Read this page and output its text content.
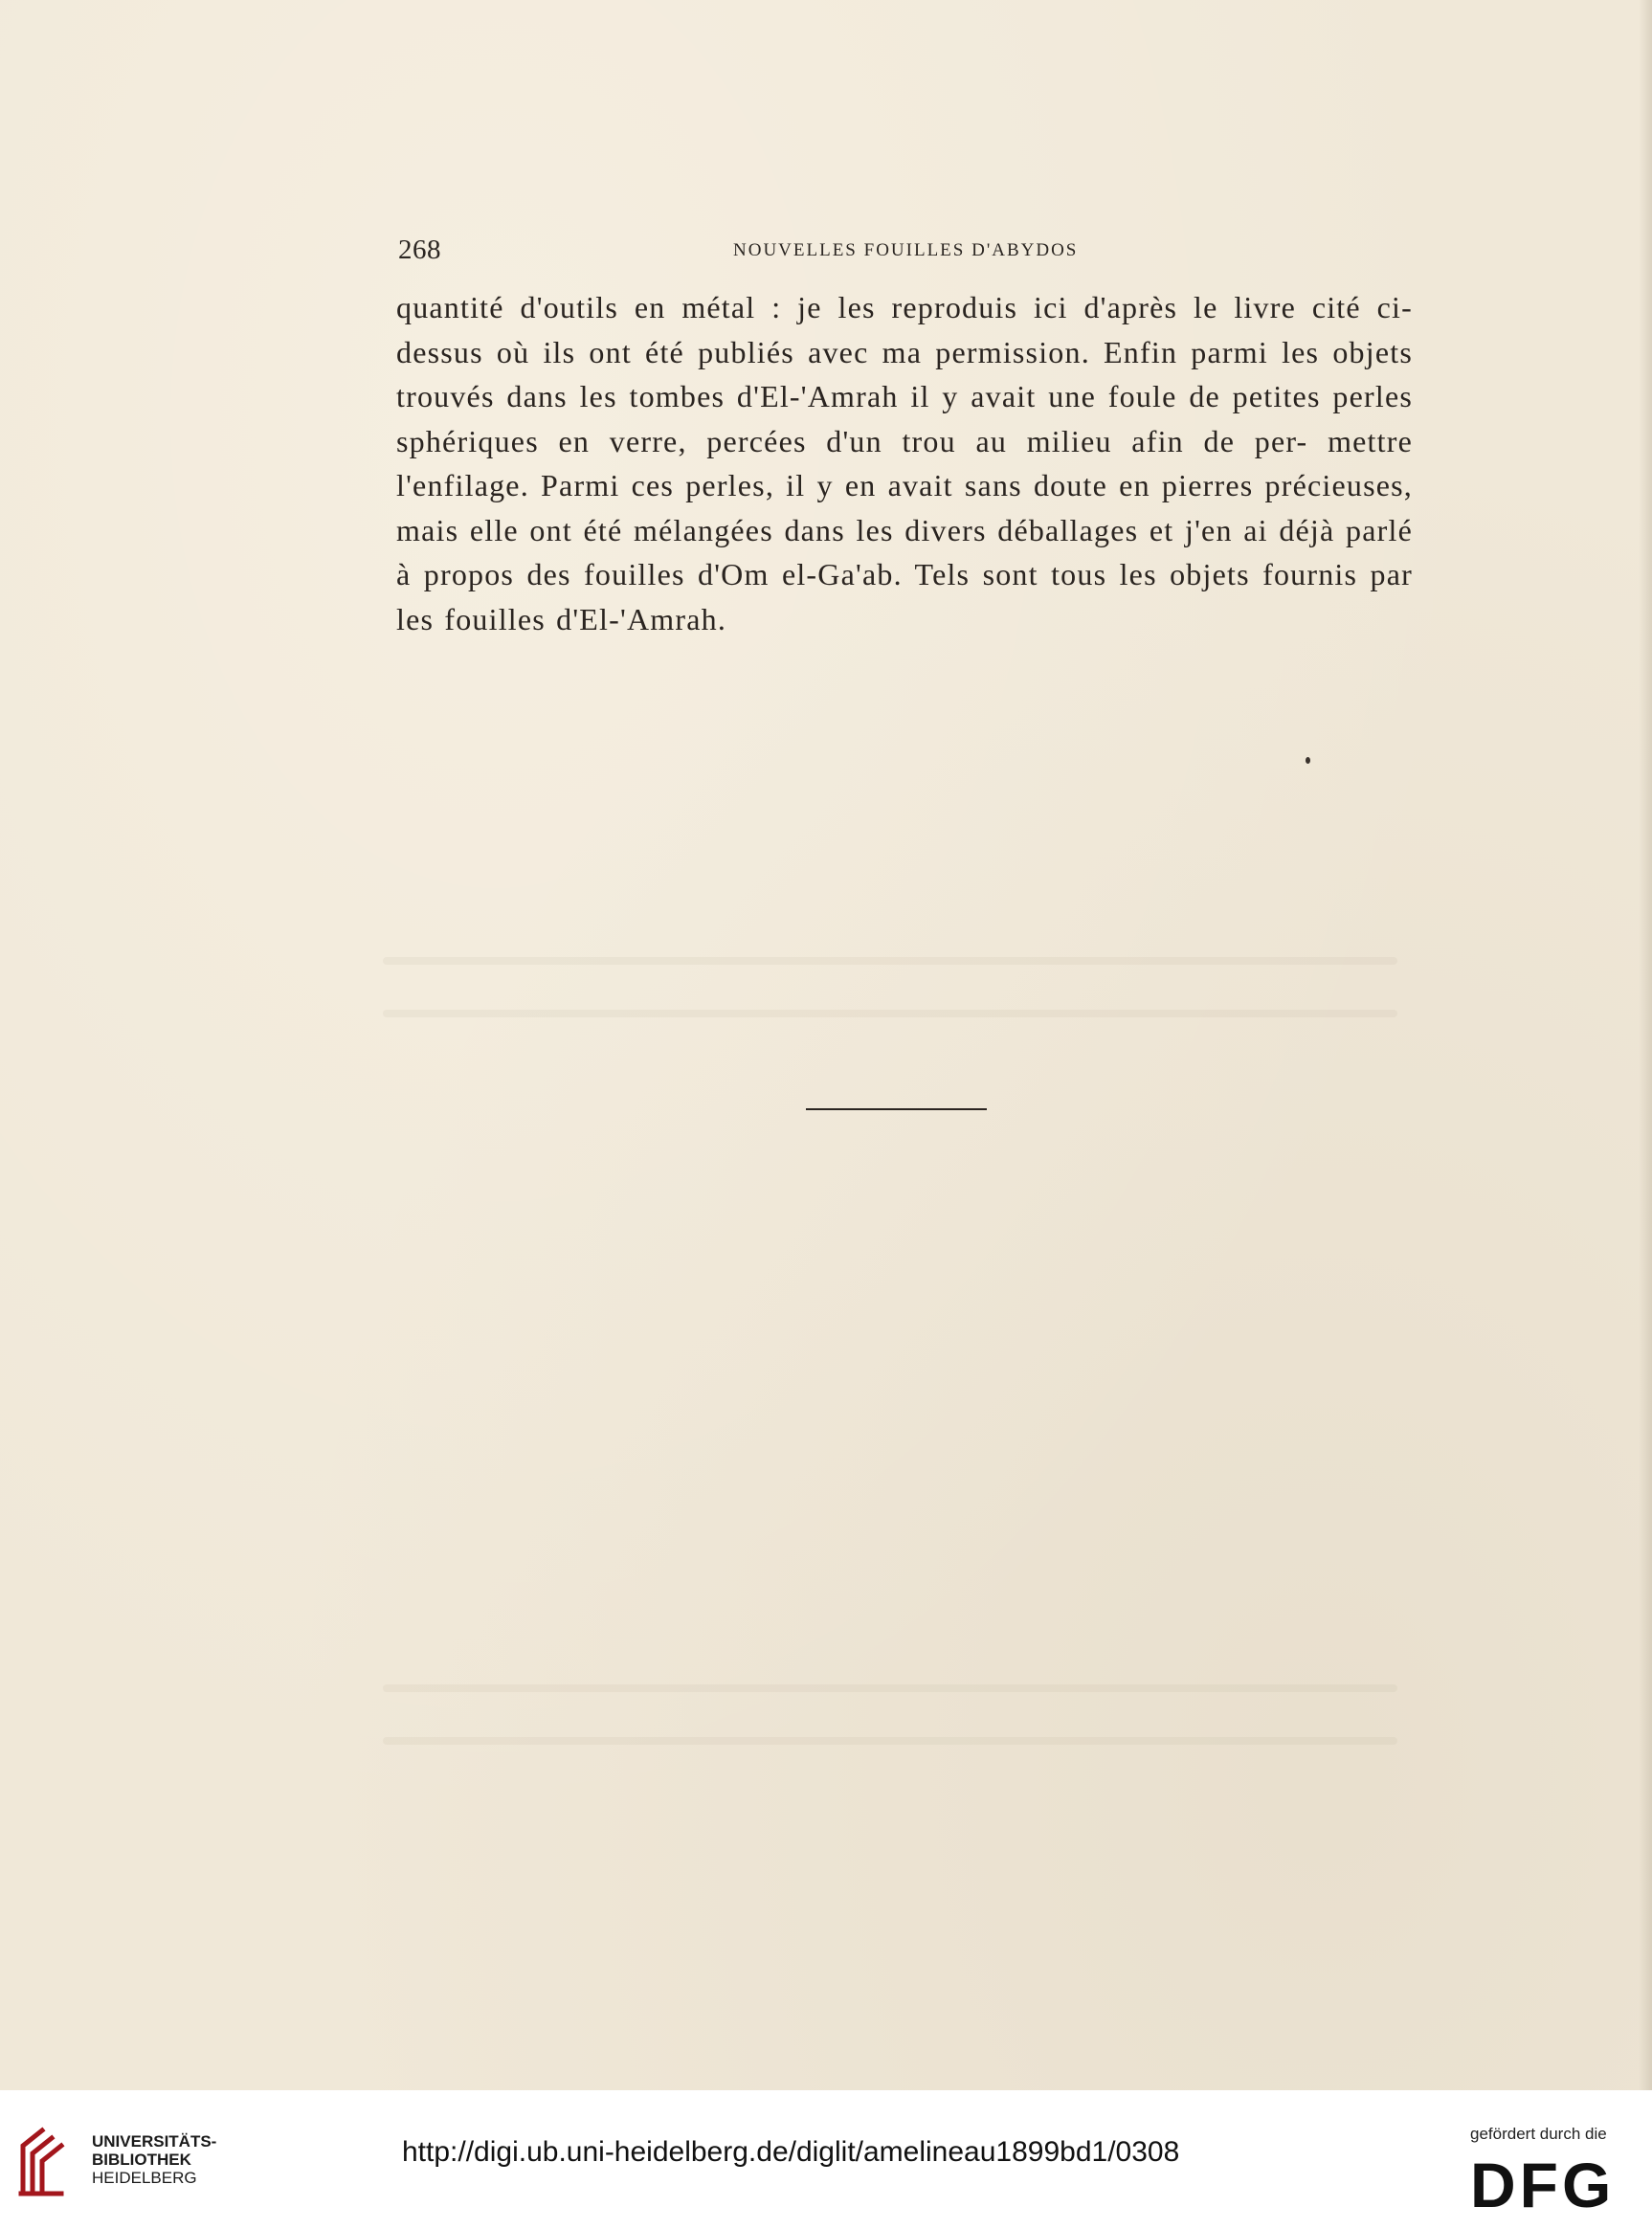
268	NOUVELLES FOUILLES D'ABYDOS

quantité d'outils en métal : je les reproduis ici d'après le livre cité ci- dessus où ils ont été publiés avec ma permission. Enfin parmi les objets trouvés dans les tombes d'El-'Amrah il y avait une foule de petites perles sphériques en verre, percées d'un trou au milieu afin de per- mettre l'enfilage. Parmi ces perles, il y en avait sans doute en pierres précieuses, mais elle ont été mélangées dans les divers déballages et j'en ai déjà parlé à propos des fouilles d'Om el-Ga'ab. Tels sont tous les objets fournis par les fouilles d'El-'Amrah.

UNIVERSITÄTS-
BIBLIOTHEK
HEIDELBERG
http://digi.ub.uni-heidelberg.de/diglit/amelineau1899bd1/0308
gefördert durch die
DFG
